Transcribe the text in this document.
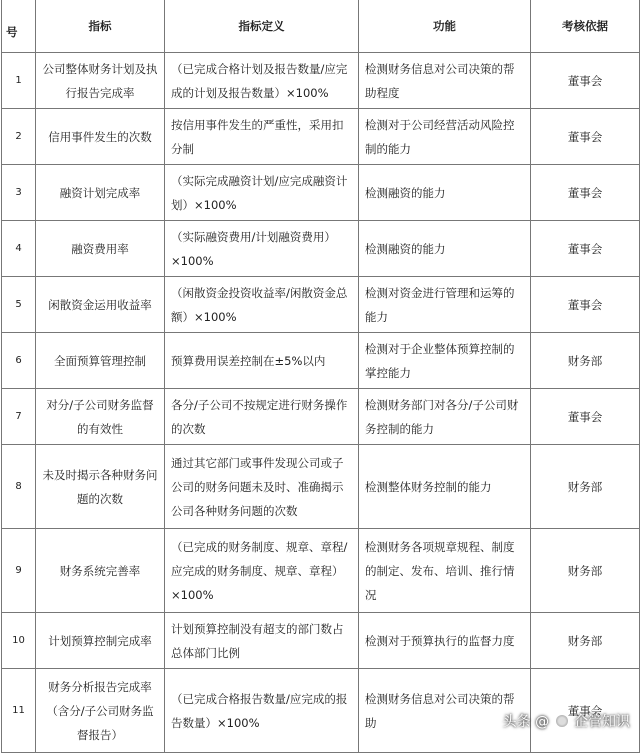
号	指标	指标定义	功能	考核依据
1	公司整体财务计划及执行报告完成率	（已完成合格计划及报告数量/应完成的计划及报告数量）×100%	检测财务信息对公司决策的帮助程度	董事会
2	信用事件发生的次数	按信用事件发生的严重性，采用扣分制	检测对于公司经营活动风险控制的能力	董事会
3	融资计划完成率	（实际完成融资计划/应完成融资计划）×100%	检测融资的能力	董事会
4	融资费用率	（实际融资费用/计划融资费用）×100%	检测融资的能力	董事会
5	闲散资金运用收益率	（闲散资金投资收益率/闲散资金总额）×100%	检测对资金进行管理和运筹的能力	董事会
6	全面预算管理控制	预算费用误差控制在±5%以内	检测对于企业整体预算控制的掌控能力	财务部
7	对分/子公司财务监督的有效性	各分/子公司不按规定进行财务操作的次数	检测财务部门对各分/子公司财务控制的能力	董事会
8	未及时揭示各种财务问题的次数	通过其它部门或事件发现公司或子公司的财务问题未及时、准确揭示公司各种财务问题的次数	检测整体财务控制的能力	财务部
9	财务系统完善率	（已完成的财务制度、规章、章程/应完成的财务制度、规章、章程）×100%	检测财务各项规章规程、制度的制定、发布、培训、推行情况	财务部
10	计划预算控制完成率	计划预算控制没有超支的部门数占总体部门比例	检测对于预算执行的监督力度	财务部
11	财务分析报告完成率（含分/子公司财务监督报告）	（已完成合格报告数量/应完成的报告数量）×100%	检测财务信息对公司决策的帮助	董事会
头条 @ 企管知识
